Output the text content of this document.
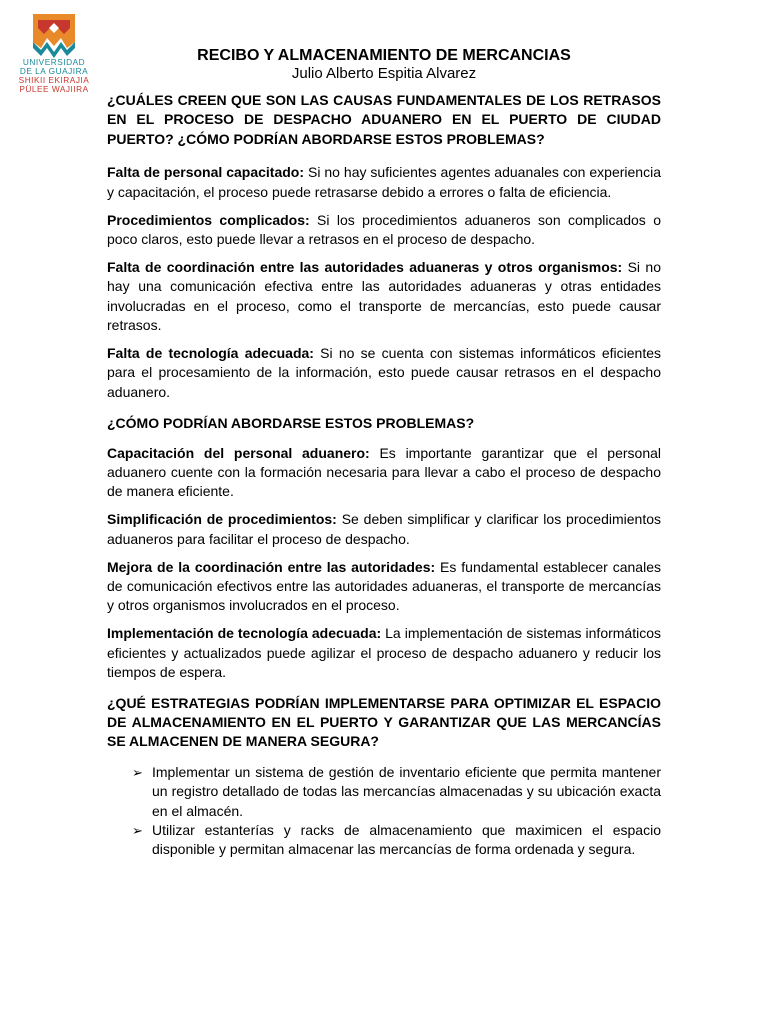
UNIVERSIDAD
DE LA GUAJIRA
SHIKII EKIRAJIA
PÜLEE WAJIIRA

RECIBO Y ALMACENAMIENTO DE MERCANCIAS

Julio Alberto Espitia Alvarez

¿CUÁLES CREEN QUE SON LAS CAUSAS FUNDAMENTALES DE LOS RETRASOS EN EL PROCESO DE DESPACHO ADUANERO EN EL PUERTO DE CIUDAD PUERTO? ¿CÓMO PODRÍAN ABORDARSE ESTOS PROBLEMAS?

Falta de personal capacitado: Si no hay suficientes agentes aduanales con experiencia y capacitación, el proceso puede retrasarse debido a errores o falta de eficiencia.

Procedimientos complicados: Si los procedimientos aduaneros son complicados o poco claros, esto puede llevar a retrasos en el proceso de despacho.

Falta de coordinación entre las autoridades aduaneras y otros organismos: Si no hay una comunicación efectiva entre las autoridades aduaneras y otras entidades involucradas en el proceso, como el transporte de mercancías, esto puede causar retrasos.

Falta de tecnología adecuada: Si no se cuenta con sistemas informáticos eficientes para el procesamiento de la información, esto puede causar retrasos en el despacho aduanero.

¿CÓMO PODRÍAN ABORDARSE ESTOS PROBLEMAS?

Capacitación del personal aduanero: Es importante garantizar que el personal aduanero cuente con la formación necesaria para llevar a cabo el proceso de despacho de manera eficiente.

Simplificación de procedimientos: Se deben simplificar y clarificar los procedimientos aduaneros para facilitar el proceso de despacho.

Mejora de la coordinación entre las autoridades: Es fundamental establecer canales de comunicación efectivos entre las autoridades aduaneras, el transporte de mercancías y otros organismos involucrados en el proceso.

Implementación de tecnología adecuada: La implementación de sistemas informáticos eficientes y actualizados puede agilizar el proceso de despacho aduanero y reducir los tiempos de espera.

¿QUÉ ESTRATEGIAS PODRÍAN IMPLEMENTARSE PARA OPTIMIZAR EL ESPACIO DE ALMACENAMIENTO EN EL PUERTO Y GARANTIZAR QUE LAS MERCANCÍAS SE ALMACENEN DE MANERA SEGURA?

➢ Implementar un sistema de gestión de inventario eficiente que permita mantener un registro detallado de todas las mercancías almacenadas y su ubicación exacta en el almacén.
➢ Utilizar estanterías y racks de almacenamiento que maximicen el espacio disponible y permitan almacenar las mercancías de forma ordenada y segura.
